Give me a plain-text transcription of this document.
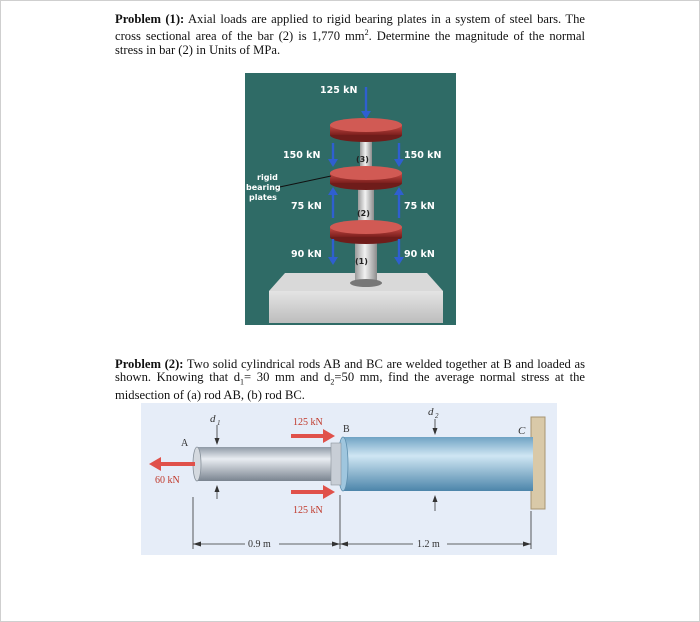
Problem (1): Axial loads are applied to rigid bearing plates in a system of steel bars. The cross sectional area of the bar (2) is 1,770 $mm^2$. Determine the magnitude of the normal stress in bar (2) in Units of MPa.

125 kN
150 kN	150 kN
75 kN	75 kN
90 kN	90 kN
(3)
(2)
(1)
rigid
bearing
plates

Problem (2): Two solid cylindrical rods AB and BC are welded together at B and loaded as shown. Knowing that $d_1= 30$ mm and $d_2=50$ mm, find the average normal stress at the midsection of (a) rod AB, (b) rod BC.

d 1
d 2
A
B	C
60 kN
125 kN
125 kN
0.9 m	1.2 m
